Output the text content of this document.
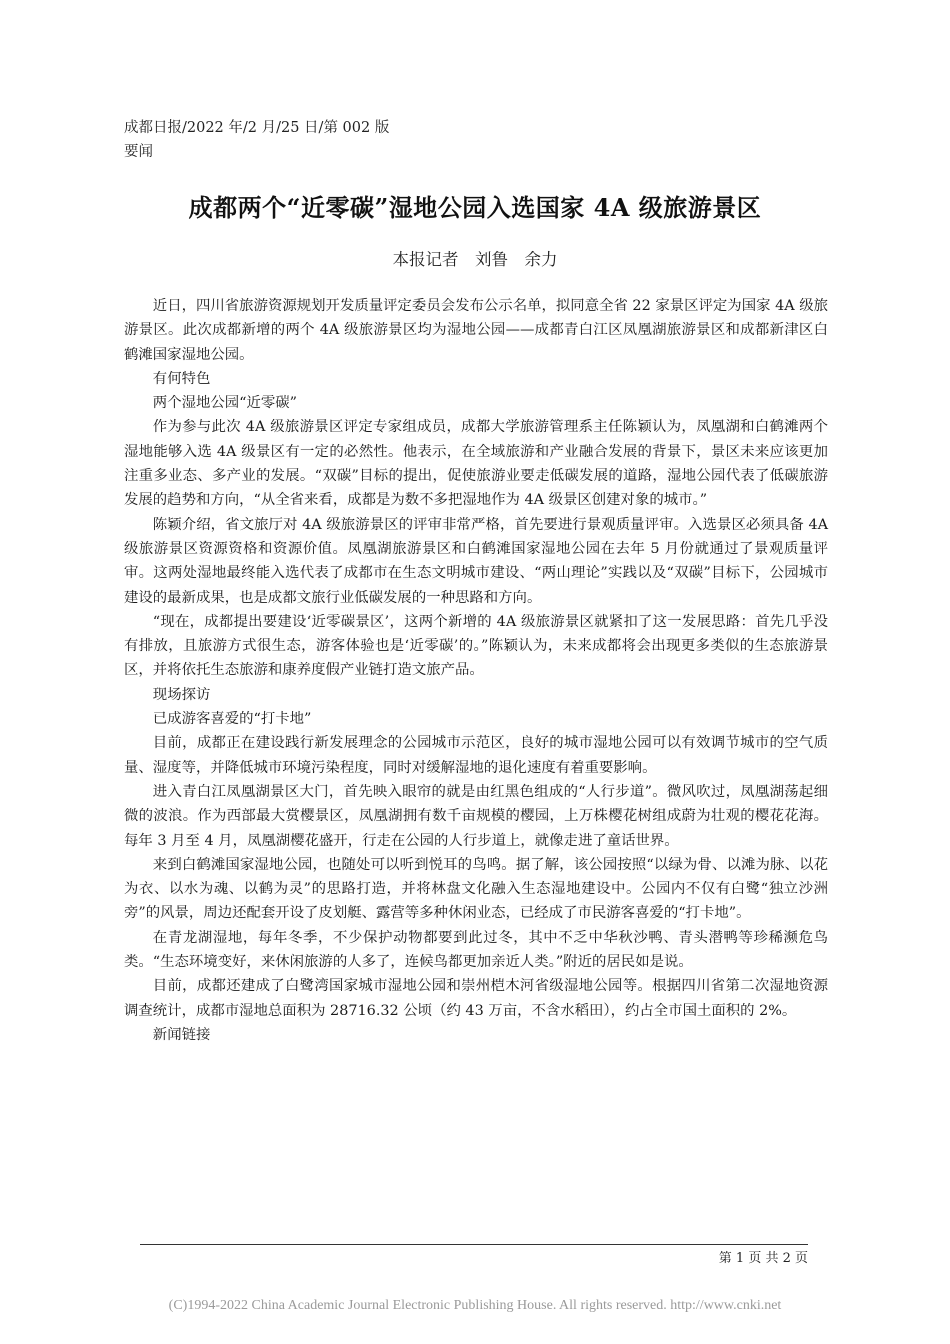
成都日报/2022 年/2 月/25 日/第 002 版
要闻
成都两个“近零碳”湿地公园入选国家 4A 级旅游景区
本报记者　刘鲁　余力

近日，四川省旅游资源规划开发质量评定委员会发布公示名单，拟同意全省 22 家景区评定为国家 4A 级旅游景区。此次成都新增的两个 4A 级旅游景区均为湿地公园——成都青白江区凤凰湖旅游景区和成都新津区白鹤滩国家湿地公园。

有何特色

两个湿地公园“近零碳”

作为参与此次 4A 级旅游景区评定专家组成员，成都大学旅游管理系主任陈颖认为，凤凰湖和白鹤滩两个湿地能够入选 4A 级景区有一定的必然性。他表示，在全域旅游和产业融合发展的背景下，景区未来应该更加注重多业态、多产业的发展。“双碳”目标的提出，促使旅游业要走低碳发展的道路，湿地公园代表了低碳旅游发展的趋势和方向，“从全省来看，成都是为数不多把湿地作为 4A 级景区创建对象的城市。”

陈颖介绍，省文旅厅对 4A 级旅游景区的评审非常严格，首先要进行景观质量评审。入选景区必须具备 4A 级旅游景区资源资格和资源价值。凤凰湖旅游景区和白鹤滩国家湿地公园在去年 5 月份就通过了景观质量评审。这两处湿地最终能入选代表了成都市在生态文明城市建设、“两山理论”实践以及“双碳”目标下，公园城市建设的最新成果，也是成都文旅行业低碳发展的一种思路和方向。

“现在，成都提出要建设‘近零碳景区’，这两个新增的 4A 级旅游景区就紧扣了这一发展思路：首先几乎没有排放，且旅游方式很生态，游客体验也是‘近零碳’的。”陈颖认为，未来成都将会出现更多类似的生态旅游景区，并将依托生态旅游和康养度假产业链打造文旅产品。

现场探访

已成游客喜爱的“打卡地”

目前，成都正在建设践行新发展理念的公园城市示范区，良好的城市湿地公园可以有效调节城市的空气质量、湿度等，并降低城市环境污染程度，同时对缓解湿地的退化速度有着重要影响。

进入青白江凤凰湖景区大门，首先映入眼帘的就是由红黑色组成的“人行步道”。微风吹过，凤凰湖荡起细微的波浪。作为西部最大赏樱景区，凤凰湖拥有数千亩规模的樱园，上万株樱花树组成蔚为壮观的樱花花海。每年 3 月至 4 月，凤凰湖樱花盛开，行走在公园的人行步道上，就像走进了童话世界。

来到白鹤滩国家湿地公园，也随处可以听到悦耳的鸟鸣。据了解，该公园按照“以绿为骨、以滩为脉、以花为衣、以水为魂、以鹤为灵”的思路打造，并将林盘文化融入生态湿地建设中。公园内不仅有白鹭“独立沙洲旁”的风景，周边还配套开设了皮划艇、露营等多种休闲业态，已经成了市民游客喜爱的“打卡地”。

在青龙湖湿地，每年冬季，不少保护动物都要到此过冬，其中不乏中华秋沙鸭、青头潜鸭等珍稀濒危鸟类。“生态环境变好，来休闲旅游的人多了，连候鸟都更加亲近人类。”附近的居民如是说。

目前，成都还建成了白鹭湾国家城市湿地公园和崇州桤木河省级湿地公园等。根据四川省第二次湿地资源调查统计，成都市湿地总面积为 28716.32 公顷（约 43 万亩，不含水稻田），约占全市国土面积的 2%。

新闻链接

第 1 页 共 2 页
(C)1994-2022 China Academic Journal Electronic Publishing House. All rights reserved. http://www.cnki.net
